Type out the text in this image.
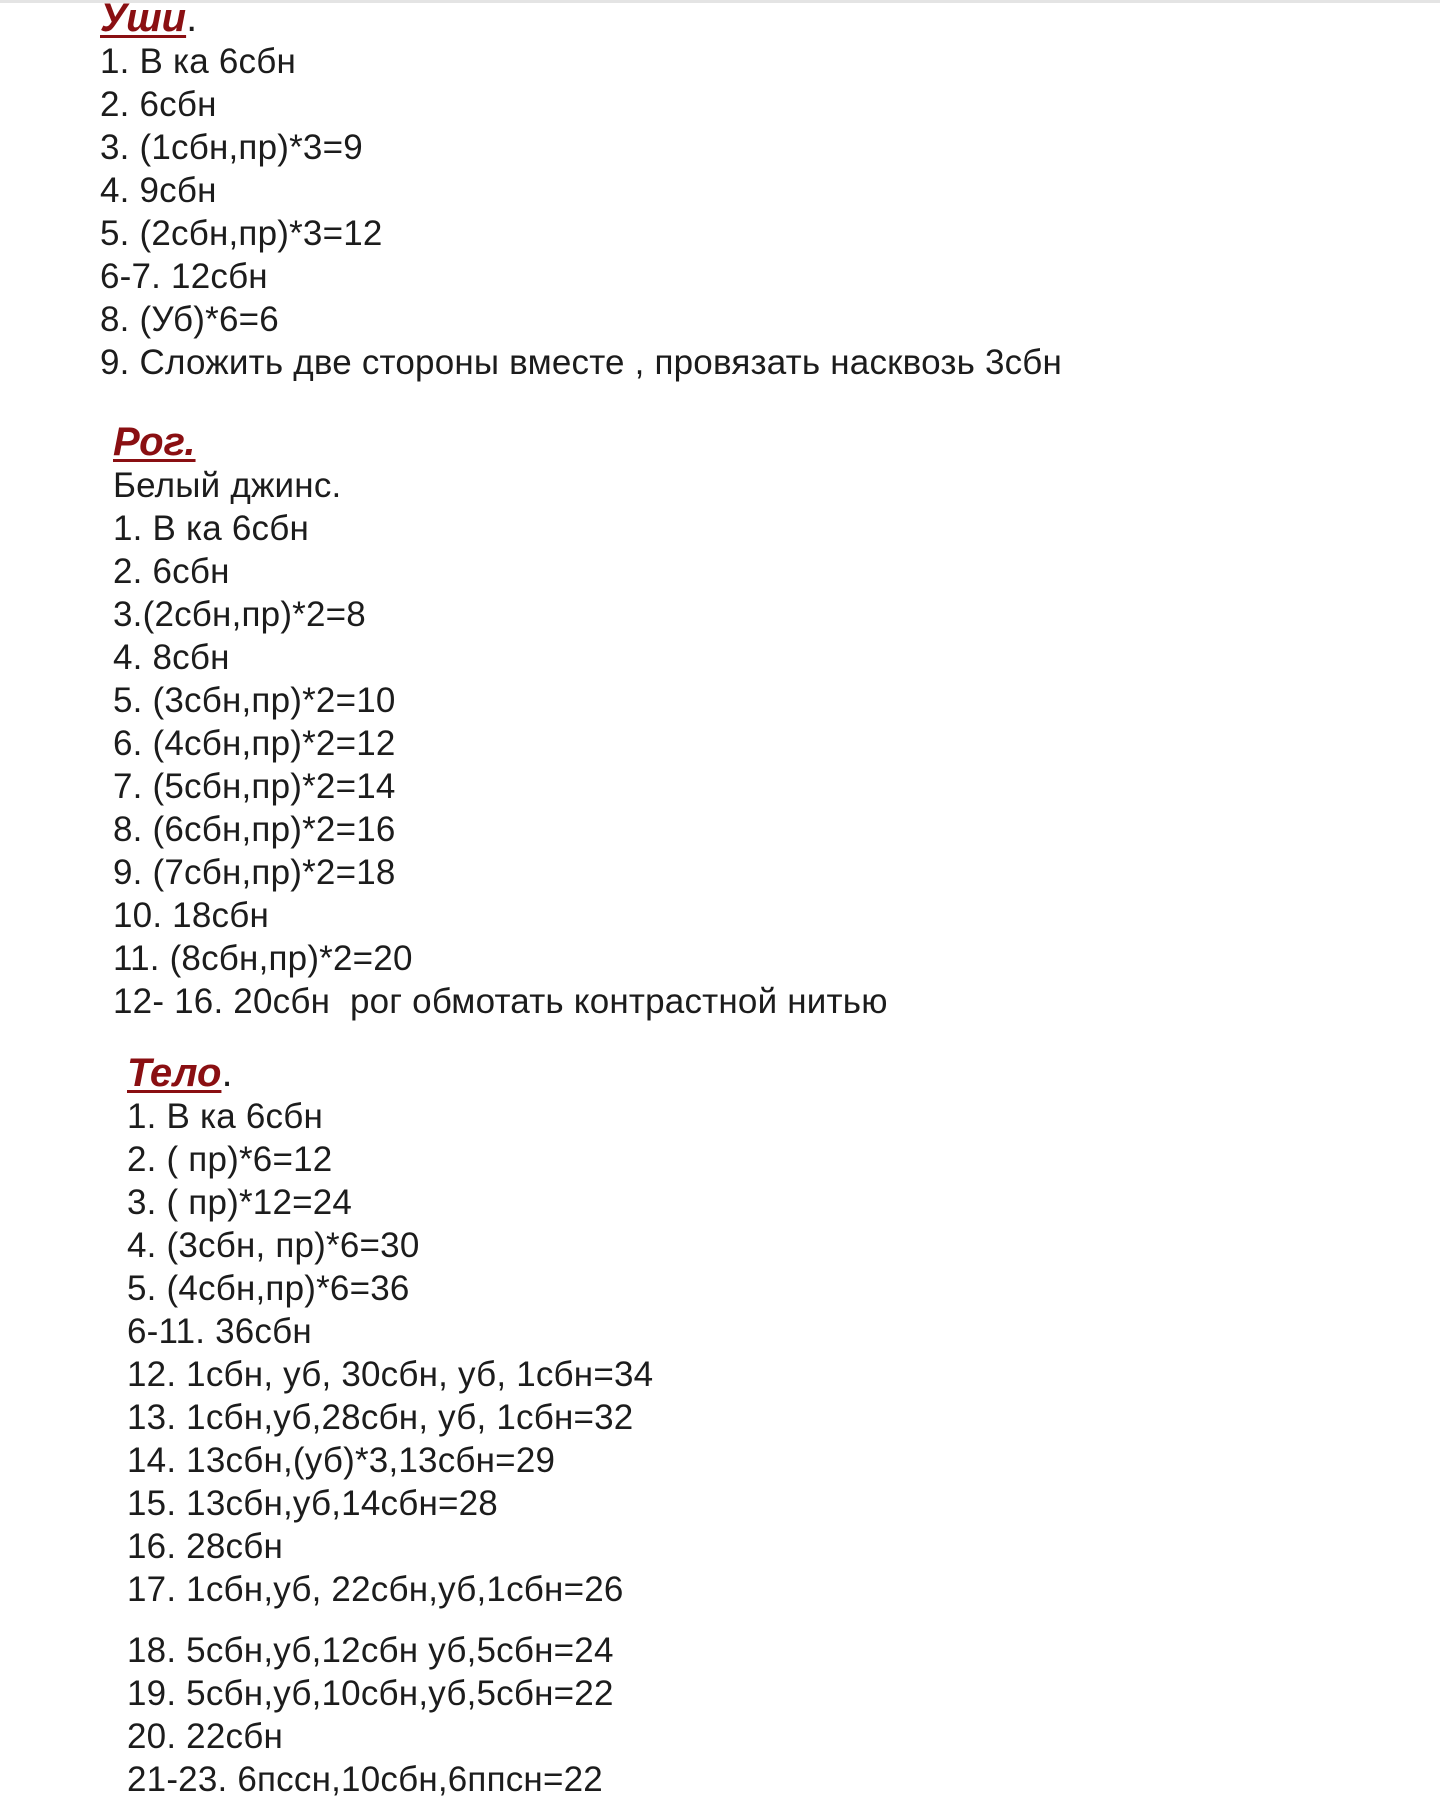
Уши.
1. В ка 6сбн
2. 6сбн
3. (1сбн,пр)*3=9
4. 9сбн
5. (2сбн,пр)*3=12
6-7. 12сбн
8. (Уб)*6=6
9. Сложить две стороны вместе , провязать насквозь 3сбн
Рог.
Белый джинс.
1. В ка 6сбн
2. 6сбн
3.(2сбн,пр)*2=8
4. 8сбн
5. (3сбн,пр)*2=10
6. (4сбн,пр)*2=12
7. (5сбн,пр)*2=14
8. (6сбн,пр)*2=16
9. (7сбн,пр)*2=18
10. 18сбн
11. (8сбн,пр)*2=20
12- 16. 20сбн  рог обмотать контрастной нитью
Тело.
1. В ка 6сбн
2. ( пр)*6=12
3. ( пр)*12=24
4. (3сбн, пр)*6=30
5. (4сбн,пр)*6=36
6-11. 36сбн
12. 1сбн, уб, 30сбн, уб, 1сбн=34
13. 1сбн,уб,28сбн, уб, 1сбн=32
14. 13сбн,(уб)*3,13сбн=29
15. 13сбн,уб,14сбн=28
16. 28сбн
17. 1сбн,уб, 22сбн,уб,1сбн=26
18. 5сбн,уб,12сбн уб,5сбн=24
19. 5сбн,уб,10сбн,уб,5сбн=22
20. 22сбн
21-23. 6пссн,10сбн,6ппсн=22
